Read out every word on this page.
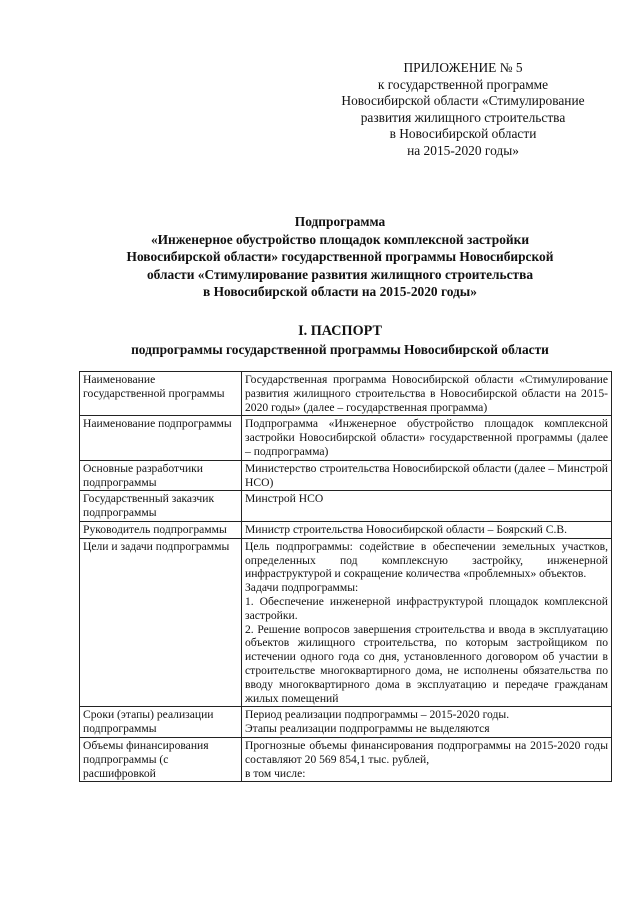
ПРИЛОЖЕНИЕ № 5
к государственной программе
Новосибирской области «Стимулирование
развития жилищного строительства
в Новосибирской области
на 2015-2020 годы»
Подпрограмма
«Инженерное обустройство площадок комплексной застройки
Новосибирской области» государственной программы Новосибирской
области «Стимулирование развития жилищного строительства
в Новосибирской области на 2015-2020 годы»
I. ПАСПОРТ
подпрограммы государственной программы Новосибирской области
Наименование государственной программы	Государственная программа Новосибирской области «Стимулирование развития жилищного строительства в Новосибирской области на 2015-2020 годы» (далее – государственная программа)

Наименование подпрограммы	Подпрограмма «Инженерное обустройство площадок комплексной застройки Новосибирской области» государственной программы (далее – подпрограмма)

Основные разработчики подпрограммы	Министерство строительства Новосибирской области (далее – Минстрой НСО)

Государственный заказчик подпрограммы	Минстрой НСО

Руководитель подпрограммы	Министр строительства Новосибирской области – Боярский С.В.

Цели и задачи подпрограммы	Цель подпрограммы: содействие в обеспечении земельных участков, определенных под комплексную застройку, инженерной инфраструктурой и сокращение количества «проблемных» объектов.
Задачи подпрограммы:
1. Обеспечение инженерной инфраструктурой площадок комплексной застройки.
2. Решение вопросов завершения строительства и ввода в эксплуатацию объектов жилищного строительства, по которым застройщиком по истечении одного года со дня, установленного договором об участии в строительстве многоквартирного дома, не исполнены обязательства по вводу многоквартирного дома в эксплуатацию и передаче гражданам жилых помещений

Сроки (этапы) реализации подпрограммы	Период реализации подпрограммы – 2015-2020 годы.
Этапы реализации подпрограммы не выделяются

Объемы финансирования подпрограммы (с расшифровкой	Прогнозные объемы финансирования подпрограммы на 2015-2020 годы составляют 20 569 854,1 тыс. рублей,
в том числе:
